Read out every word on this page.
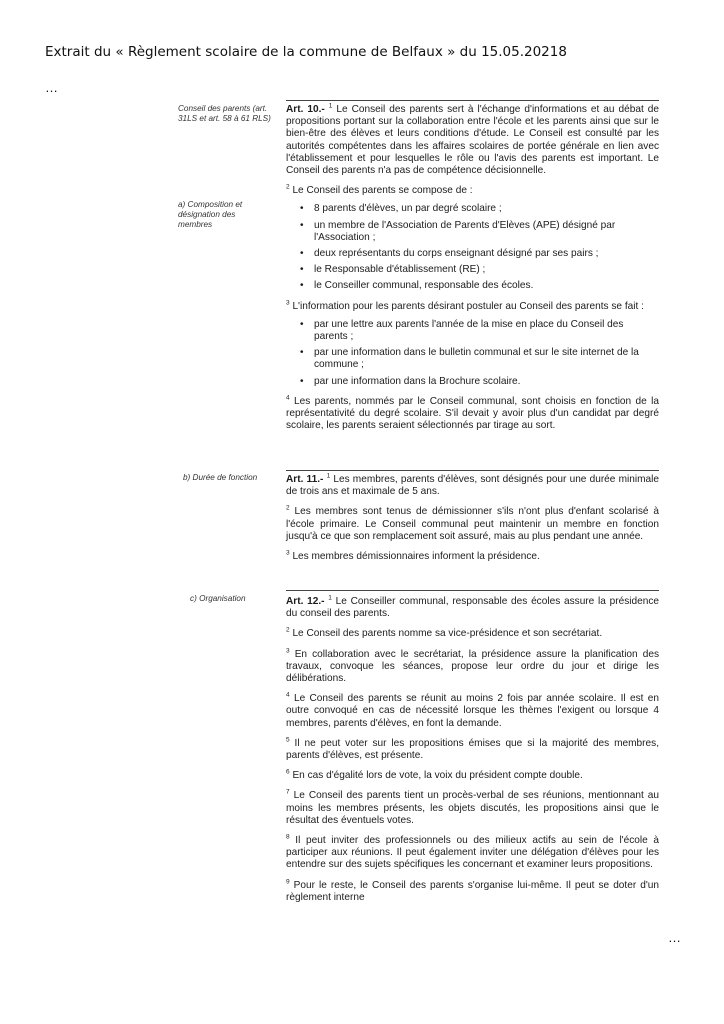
Extrait du « Règlement scolaire de la commune de Belfaux » du 15.05.20218
…
Conseil des parents (art. 31LS et art. 58 à 61 RLS)
a) Composition et désignation des membres
b) Durée de fonction
c) Organisation

Art. 10.- $^1$ Le Conseil des parents sert à l'échange d'informations et au débat de propositions portant sur la collaboration entre l'école et les parents ainsi que sur le bien-être des élèves et leurs conditions d'étude. Le Conseil est consulté par les autorités compétentes dans les affaires scolaires de portée générale en lien avec l'établissement et pour lesquelles le rôle ou l'avis des parents est important. Le Conseil des parents n'a pas de compétence décisionnelle.

$^2$ Le Conseil des parents se compose de :

• 8 parents d'élèves, un par degré scolaire ;
• un membre de l'Association de Parents d'Elèves (APE) désigné par l'Association ;
• deux représentants du corps enseignant désigné par ses pairs ;
• le Responsable d'établissement (RE) ;
• le Conseiller communal, responsable des écoles.

$^3$ L'information pour les parents désirant postuler au Conseil des parents se fait :

• par une lettre aux parents l'année de la mise en place du Conseil des parents ;
• par une information dans le bulletin communal et sur le site internet de la commune ;
• par une information dans la Brochure scolaire.

$^4$ Les parents, nommés par le Conseil communal, sont choisis en fonction de la représentativité du degré scolaire. S'il devait y avoir plus d'un candidat par degré scolaire, les parents seraient sélectionnés par tirage au sort.

Art. 11.- $^1$ Les membres, parents d'élèves, sont désignés pour une durée minimale de trois ans et maximale de 5 ans.

$^2$ Les membres sont tenus de démissionner s'ils n'ont plus d'enfant scolarisé à l'école primaire. Le Conseil communal peut maintenir un membre en fonction jusqu'à ce que son remplacement soit assuré, mais au plus pendant une année.

$^3$ Les membres démissionnaires informent la présidence.

Art. 12.- $^1$ Le Conseiller communal, responsable des écoles assure la présidence du conseil des parents.

$^2$ Le Conseil des parents nomme sa vice-présidence et son secrétariat.

$^3$ En collaboration avec le secrétariat, la présidence assure la planification des travaux, convoque les séances, propose leur ordre du jour et dirige les délibérations.

$^4$ Le Conseil des parents se réunit au moins 2 fois par année scolaire. Il est en outre convoqué en cas de nécessité lorsque les thèmes l'exigent ou lorsque 4 membres, parents d'élèves, en font la demande.

$^5$ Il ne peut voter sur les propositions émises que si la majorité des membres, parents d'élèves, est présente.

$^6$ En cas d'égalité lors de vote, la voix du président compte double.

$^7$ Le Conseil des parents tient un procès-verbal de ses réunions, mentionnant au moins les membres présents, les objets discutés, les propositions ainsi que le résultat des éventuels votes.

$^8$ Il peut inviter des professionnels ou des milieux actifs au sein de l'école à participer aux réunions. Il peut également inviter une délégation d'élèves pour les entendre sur des sujets spécifiques les concernant et examiner leurs propositions.

$^9$ Pour le reste, le Conseil des parents s'organise lui-même. Il peut se doter d'un règlement interne

…
